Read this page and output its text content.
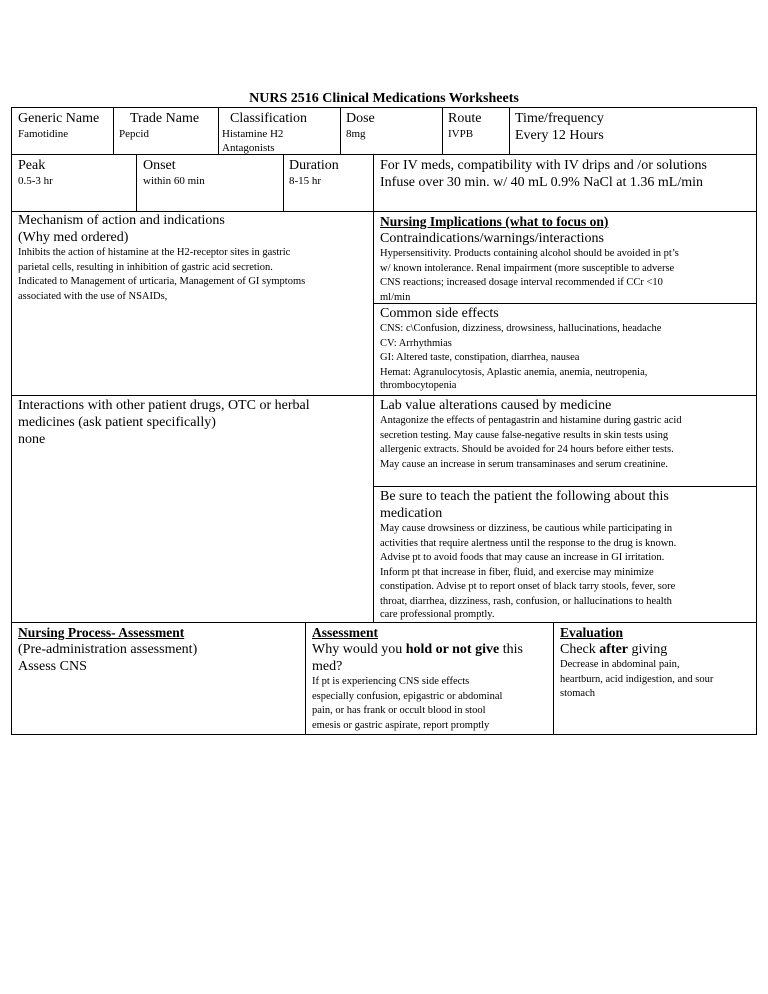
NURS 2516 Clinical Medications Worksheets
Generic Name
Famotidine
Trade Name
Pepcid
Classification
Histamine H2
Antagonists
Dose
8mg
Route
IVPB
Time/frequency
Every 12 Hours
Peak
0.5-3 hr
Onset
within 60 min
Duration
8-15 hr
For IV meds, compatibility with IV drips and /or solutions
Infuse over 30 min. w/ 40 mL 0.9% NaCl at 1.36 mL/min
Mechanism of action and indications
(Why med ordered)
Inhibits the action of histamine at the H2-receptor sites in gastric
parietal cells, resulting in inhibition of gastric acid secretion.
Indicated to Management of urticaria, Management of GI symptoms
associated with the use of NSAIDs,
Interactions with other patient drugs, OTC or herbal
medicines (ask patient specifically)
none
Nursing Implications (what to focus on)
Contraindications/warnings/interactions
Hypersensitivity. Products containing alcohol should be avoided in pt’s
w/ known intolerance. Renal impairment (more susceptible to adverse
CNS reactions; increased dosage interval recommended if CCr <10
ml/min
Common side effects
CNS: c\Confusion, dizziness, drowsiness, hallucinations, headache
CV: Arrhythmias
GI: Altered taste, constipation, diarrhea, nausea
Hemat: Agranulocytosis, Aplastic anemia, anemia, neutropenia,
thrombocytopenia
Lab value alterations caused by medicine
Antagonize the effects of pentagastrin and histamine during gastric acid
secretion testing. May cause false-negative results in skin tests using
allergenic extracts. Should be avoided for 24 hours before either tests.
May cause an increase in serum transaminases and serum creatinine.
Be sure to teach the patient the following about this
medication
May cause drowsiness or dizziness, be cautious while participating in
activities that require alertness until the response to the drug is known.
Advise pt to avoid foods that may cause an increase in GI irritation.
Inform pt that increase in fiber, fluid, and exercise may minimize
constipation. Advise pt to report onset of black tarry stools, fever, sore
throat, diarrhea, dizziness, rash, confusion, or hallucinations to health
care professional promptly.
Nursing Process- Assessment
(Pre-administration assessment)
Assess CNS
Assessment
Why would you hold or not give this
med?
If pt is experiencing CNS side effects
especially confusion, epigastric or abdominal
pain, or has frank or occult blood in stool
emesis or gastric aspirate, report promptly
Evaluation
Check after giving
Decrease in abdominal pain,
heartburn, acid indigestion, and sour
stomach
